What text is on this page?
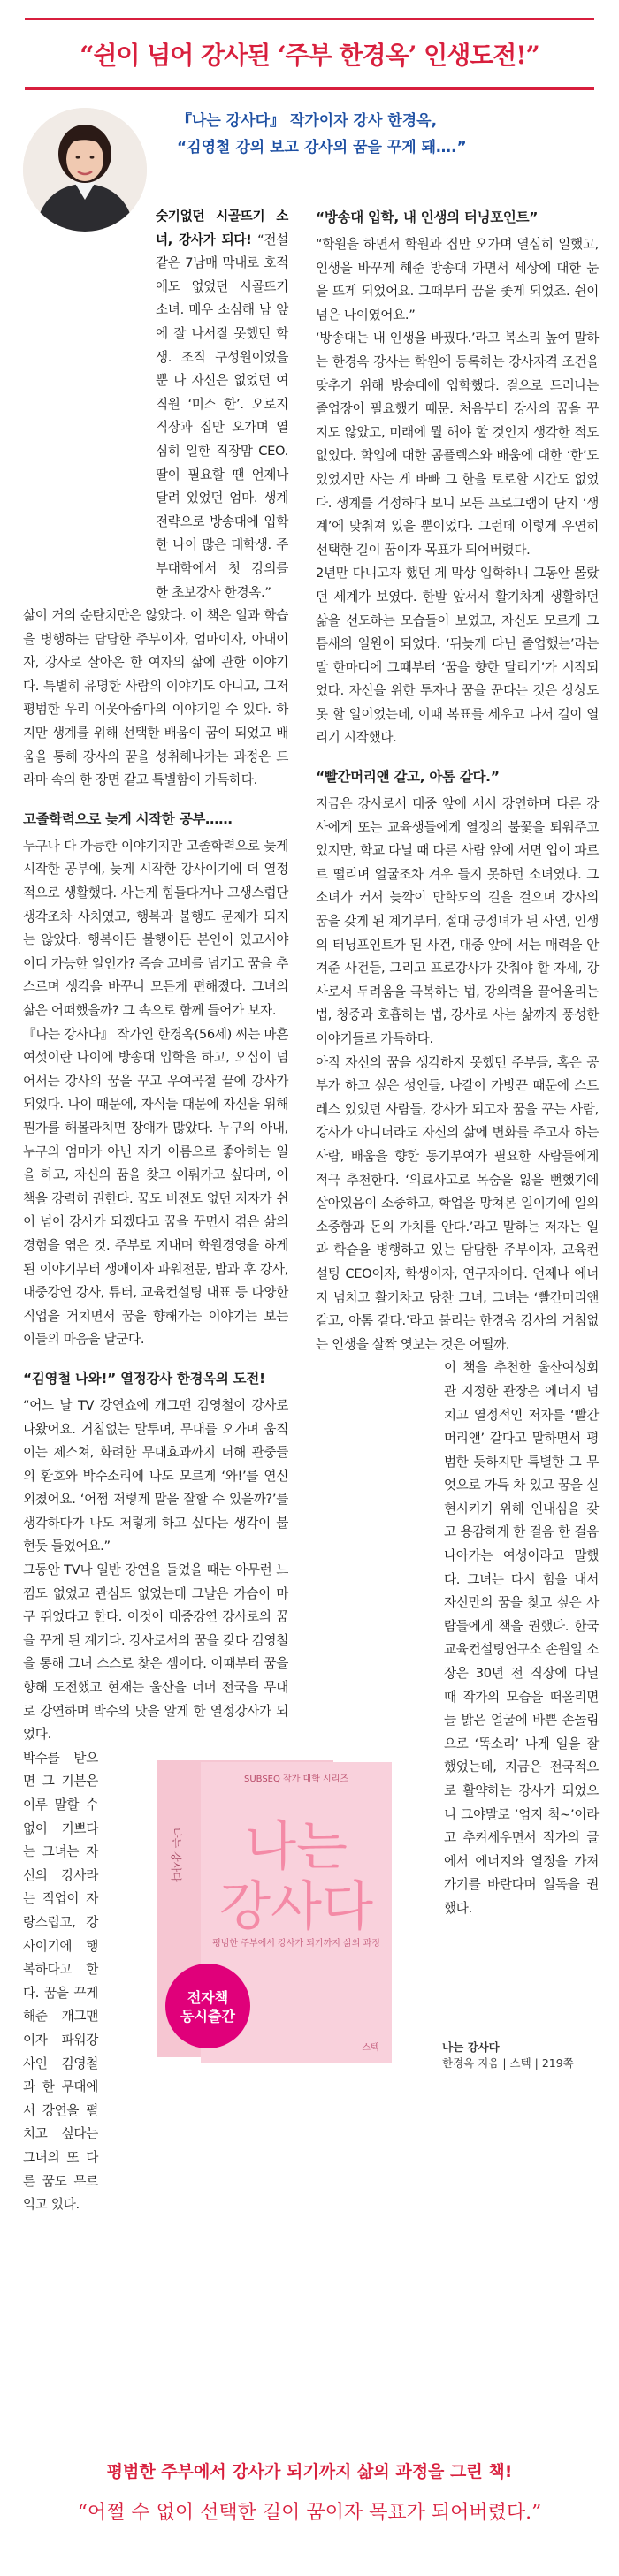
“쉰이 넘어 강사된 ‘주부 한경옥’ 인생도전!”

『나는 강사다』 작가이자 강사 한경옥,

“김영철 강의 보고 강사의 꿈을 꾸게 돼….”

숫기없던 시골뜨기 소녀, 강사가 되다! “전설 같은 7남매 막내로 호적에도 없었던 시골뜨기 소녀. 매우 소심해 남 앞에 잘 나서질 못했던 학생. 조직 구성원이었을 뿐 나 자신은 없었던 여직원 ‘미스 한’. 오로지 직장과 집만 오가며 열심히 일한 직장맘 CEO. 딸이 필요할 땐 언제나 달려 있었던 엄마. 생계전략으로 방송대에 입학한 나이 많은 대학생. 주부대학에서 첫 강의를 한 초보강사 한경옥.”

삶이 거의 순탄치만은 않았다. 이 책은 일과 학습을 병행하는 담담한 주부이자, 엄마이자, 아내이자, 강사로 살아온 한 여자의 삶에 관한 이야기다. 특별히 유명한 사람의 이야기도 아니고, 그저 평범한 우리 이웃아줌마의 이야기일 수 있다. 하지만 생계를 위해 선택한 배움이 꿈이 되었고 배움을 통해 강사의 꿈을 성취해나가는 과정은 드라마 속의 한 장면 같고 특별함이 가득하다.

고졸학력으로 늦게 시작한 공부……

누구나 다 가능한 이야기지만 고졸학력으로 늦게 시작한 공부에, 늦게 시작한 강사이기에 더 열정적으로 생활했다. 사는게 힘들다거나 고생스럽단 생각조차 사치였고, 행복과 불행도 문제가 되지는 않았다. 행복이든 불행이든 본인이 있고서야 이디 가능한 일인가? 즉슬 고비를 넘기고 꿈을 추스르며 생각을 바꾸니 모든게 편해졌다. 그녀의 삶은 어떠했을까? 그 속으로 함께 들어가 보자.

『나는 강사다』 작가인 한경옥(56세) 씨는 마흔여섯이란 나이에 방송대 입학을 하고, 오십이 넘어서는 강사의 꿈을 꾸고 우여곡절 끝에 강사가 되었다. 나이 때문에, 자식들 때문에 자신을 위해 뭔가를 해볼라치면 장애가 많았다. 누구의 아내, 누구의 엄마가 아닌 자기 이름으로 좋아하는 일을 하고, 자신의 꿈을 찾고 이뤄가고 싶다며, 이 책을 강력히 권한다. 꿈도 비전도 없던 저자가 쉰이 넘어 강사가 되겠다고 꿈을 꾸면서 겪은 삶의 경험을 엮은 것. 주부로 지내며 학원경영을 하게 된 이야기부터 생애이자 파워전문, 밤과 후 강사, 대중강연 강사, 튜터, 교육컨설팅 대표 등 다양한 직업을 거치면서 꿈을 향해가는 이야기는 보는 이들의 마음을 달군다.

“김영철 나와!” 열정강사 한경옥의 도전!

“어느 날 TV 강연쇼에 개그맨 김영철이 강사로 나왔어요. 거침없는 말투며, 무대를 오가며 움직이는 제스쳐, 화려한 무대효과까지 더해 관중들의 환호와 박수소리에 나도 모르게 ‘와!’를 연신 외쳤어요. ‘어쩜 저렇게 말을 잘할 수 있을까?’를 생각하다가 나도 저렇게 하고 싶다는 생각이 불현듯 들었어요.”

그동안 TV나 일반 강연을 들었을 때는 아무런 느낌도 없었고 관심도 없었는데 그날은 가슴이 마구 뛰었다고 한다. 이것이 대중강연 강사로의 꿈을 꾸게 된 계기다. 강사로서의 꿈을 갖다 김영철을 통해 그녀 스스로 찾은 셈이다. 이때부터 꿈을 향해 도전했고 현재는 울산을 너머 전국을 무대로 강연하며 박수의 맛을 알게 한 열정강사가 되었다.

박수를 받으면 그 기분은 이루 말할 수 없이 기쁘다는 그녀는 자신의 강사라는 직업이 자랑스럽고, 강사이기에 행복하다고 한다. 꿈을 꾸게 해준 개그맨이자 파워강사인 김영철과 한 무대에서 강연을 펼치고 싶다는 그녀의 또 다른 꿈도 무르익고 있다.

“방송대 입학, 내 인생의 터닝포인트”

“학원을 하면서 학원과 집만 오가며 열심히 일했고, 인생을 바꾸게 해준 방송대 가면서 세상에 대한 눈을 뜨게 되었어요. 그때부터 꿈을 좇게 되었죠. 쉰이 넘은 나이였어요.”

‘방송대는 내 인생을 바꿨다.’라고 복소리 높여 말하는 한경옥 강사는 학원에 등록하는 강사자격 조건을 맞추기 위해 방송대에 입학했다. 걸으로 드러나는 졸업장이 필요했기 때문. 처음부터 강사의 꿈을 꾸지도 않았고, 미래에 뭘 해야 할 것인지 생각한 적도 없었다. 학업에 대한 콤플렉스와 배움에 대한 ‘한’도 있었지만 사는 게 바빠 그 한을 토로할 시간도 없었다. 생계를 걱정하다 보니 모든 프로그램이 단지 ‘생계’에 맞춰져 있을 뿐이었다. 그런데 이렇게 우연히 선택한 길이 꿈이자 목표가 되어버렸다.

2년만 다니고자 했던 게 막상 입학하니 그동안 몰랐던 세계가 보였다. 한발 앞서서 활기차게 생활하던 삶을 선도하는 모습들이 보였고, 자신도 모르게 그 틈새의 일원이 되었다. ‘뒤늦게 다닌 졸업했는’라는 말 한마디에 그때부터 ‘꿈을 향한 달리기’가 시작되었다. 자신을 위한 투자나 꿈을 꾼다는 것은 상상도 못 할 일이었는데, 이때 복표를 세우고 나서 길이 열리기 시작했다.

“빨간머리앤 같고, 아톰 같다.”

지금은 강사로서 대중 앞에 서서 강연하며 다른 강사에게 또는 교육생들에게 열정의 불꽃을 퇴워주고 있지만, 학교 다닐 때 다른 사람 앞에 서면 입이 파르르 떨리며 얼굴조차 겨우 들지 못하던 소녀였다. 그 소녀가 커서 늦깍이 만학도의 길을 걸으며 강사의 꿈을 갖게 된 계기부터, 절대 긍정녀가 된 사연, 인생의 터닝포인트가 된 사건, 대중 앞에 서는 매력을 안겨준 사건들, 그리고 프로강사가 갖춰야 할 자세, 강사로서 두려움을 극복하는 법, 강의력을 끌어올리는 법, 청중과 호흡하는 법, 강사로 사는 삶까지 풍성한 이야기들로 가득하다.

아직 자신의 꿈을 생각하지 못했던 주부들, 혹은 공부가 하고 싶은 성인들, 나갈이 가방끈 때문에 스트레스 있었던 사람들, 강사가 되고자 꿈을 꾸는 사람, 강사가 아니더라도 자신의 삶에 변화를 주고자 하는 사람, 배움을 향한 동기부여가 필요한 사람들에게 적극 추천한다. ‘의료사고로 목숨을 잃을 뻔했기에 살아있음이 소중하고, 학업을 망쳐본 일이기에 일의 소중함과 돈의 가치를 안다.’라고 말하는 저자는 일과 학습을 병행하고 있는 담담한 주부이자, 교육컨설팅 CEO이자, 학생이자, 연구자이다. 언제나 에너지 넘치고 활기차고 당찬 그녀, 그녀는 ‘빨간머리앤 같고, 아톰 같다.’라고 불리는 한경옥 강사의 거침없는 인생을 살짝 엿보는 것은 어떨까.

이 책을 추천한 울산여성회관 지정한 관장은 에너지 넘치고 열정적인 저자를 ‘빨간머리앤’ 같다고 말하면서 평범한 듯하지만 특별한 그 무엇으로 가득 차 있고 꿈을 실현시키기 위해 인내심을 갖고 용감하게 한 걸음 한 걸음 나아가는 여성이라고 말했다. 그녀는 다시 힘을 내서 자신만의 꿈을 찾고 싶은 사람들에게 책을 권했다. 한국교육컨설팅연구소 손원일 소장은 30년 전 직장에 다닐 때 작가의 모습을 떠올리면 늘 밝은 얼굴에 바쁜 손놀림으로 ‘똑소리’ 나게 일을 잘 했었는데, 지금은 전국적으로 활약하는 강사가 되었으니 그야말로 ‘엄지 척~’이라고 추켜세우면서 작가의 글에서 에너지와 열정을 가져가기를 바란다며 일독을 권했다.

나는 강사다
SUBSEQ 작가 대학 시리즈
나는
강사다
평범한 주부에서 강사가 되기까지 삶의 과정
전자책
동시출간
스텍	나는 강사다
한경옥 지음 | 스텍 | 219쪽
평범한 주부에서 강사가 되기까지 삶의 과정을 그린 책!
“어쩔 수 없이 선택한 길이 꿈이자 목표가 되어버렸다.”
